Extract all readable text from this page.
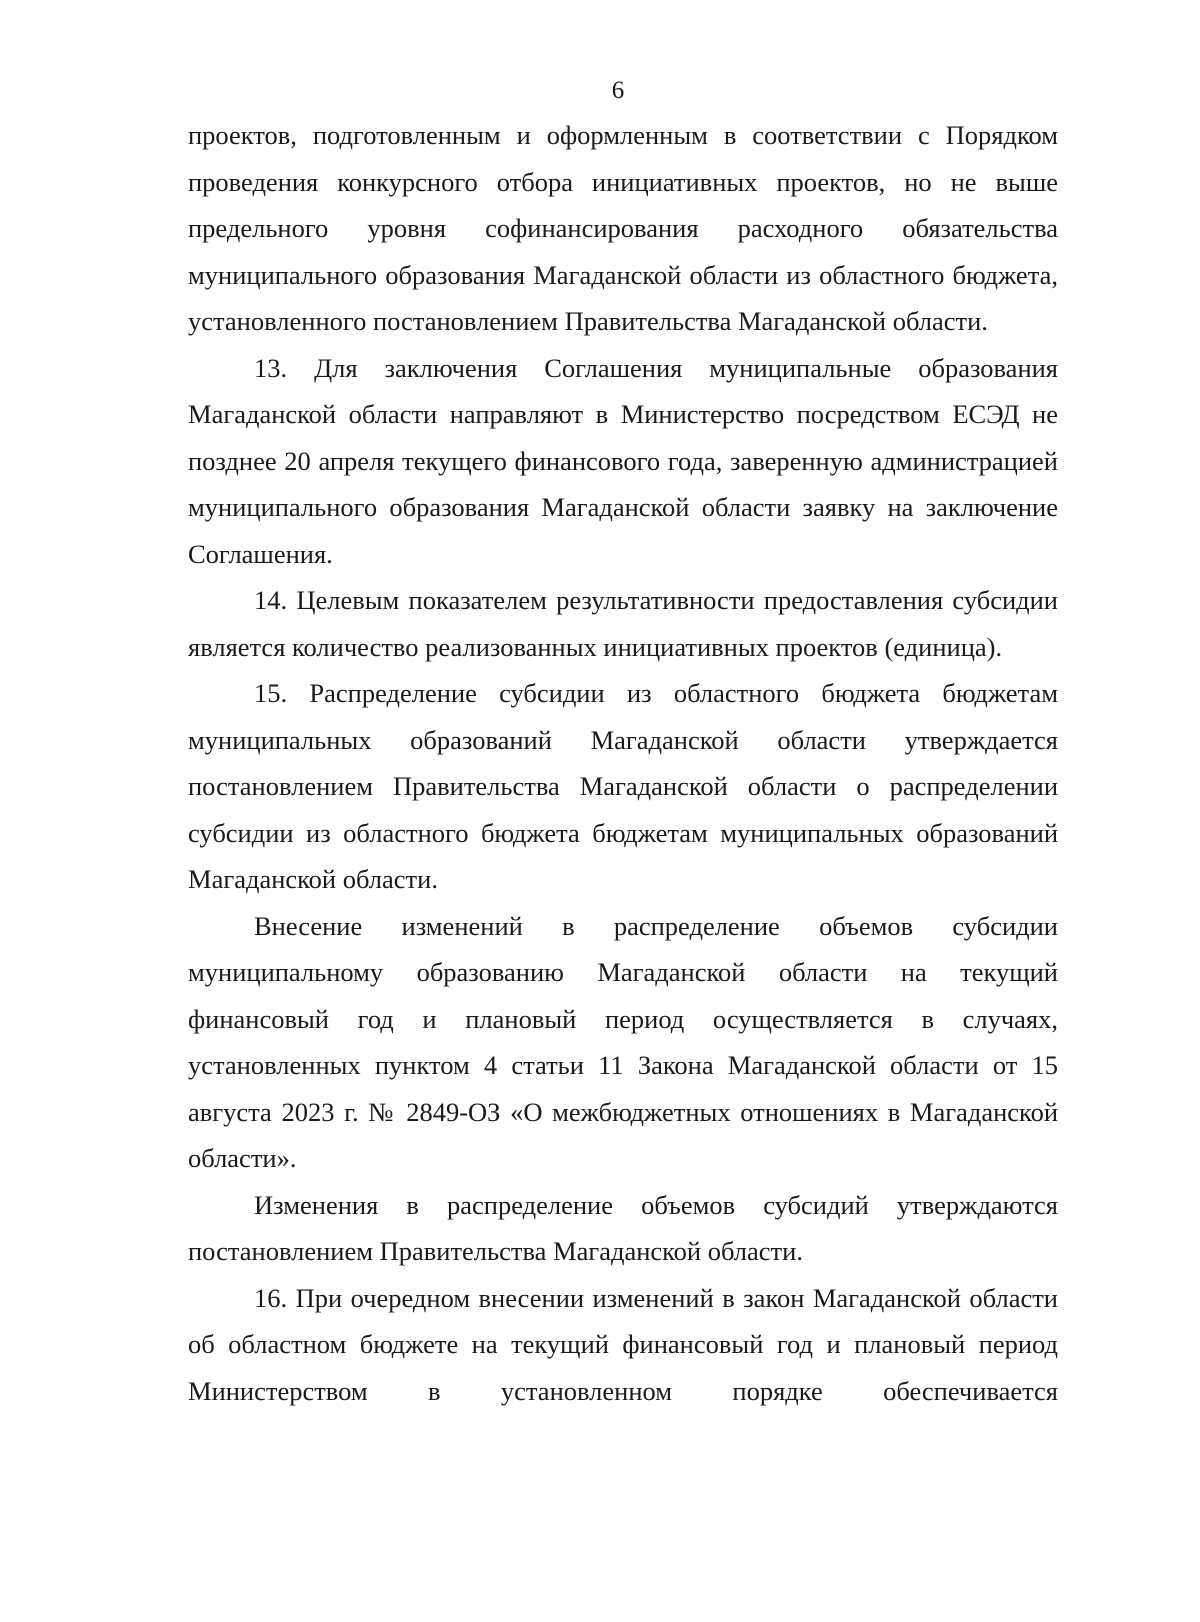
6

проектов, подготовленным и оформленным в соответствии с Порядком проведения конкурсного отбора инициативных проектов, но не выше предельного уровня софинансирования расходного обязательства муниципального образования Магаданской области из областного бюджета, установленного постановлением Правительства Магаданской области.

13. Для заключения Соглашения муниципальные образования Магаданской области направляют в Министерство посредством ЕСЭД не позднее 20 апреля текущего финансового года, заверенную администрацией муниципального образования Магаданской области заявку на заключение Соглашения.

14. Целевым показателем результативности предоставления субсидии является количество реализованных инициативных проектов (единица).

15. Распределение субсидии из областного бюджета бюджетам муниципальных образований Магаданской области утверждается постановлением Правительства Магаданской области о распределении субсидии из областного бюджета бюджетам муниципальных образований Магаданской области.

Внесение изменений в распределение объемов субсидии муниципальному образованию Магаданской области на текущий финансовый год и плановый период осуществляется в случаях, установленных пунктом 4 статьи 11 Закона Магаданской области от 15 августа 2023 г. № 2849-ОЗ «О межбюджетных отношениях в Магаданской области».

Изменения в распределение объемов субсидий утверждаются постановлением Правительства Магаданской области.

16. При очередном внесении изменений в закон Магаданской области об областном бюджете на текущий финансовый год и плановый период Министерством в установленном порядке обеспечивается
